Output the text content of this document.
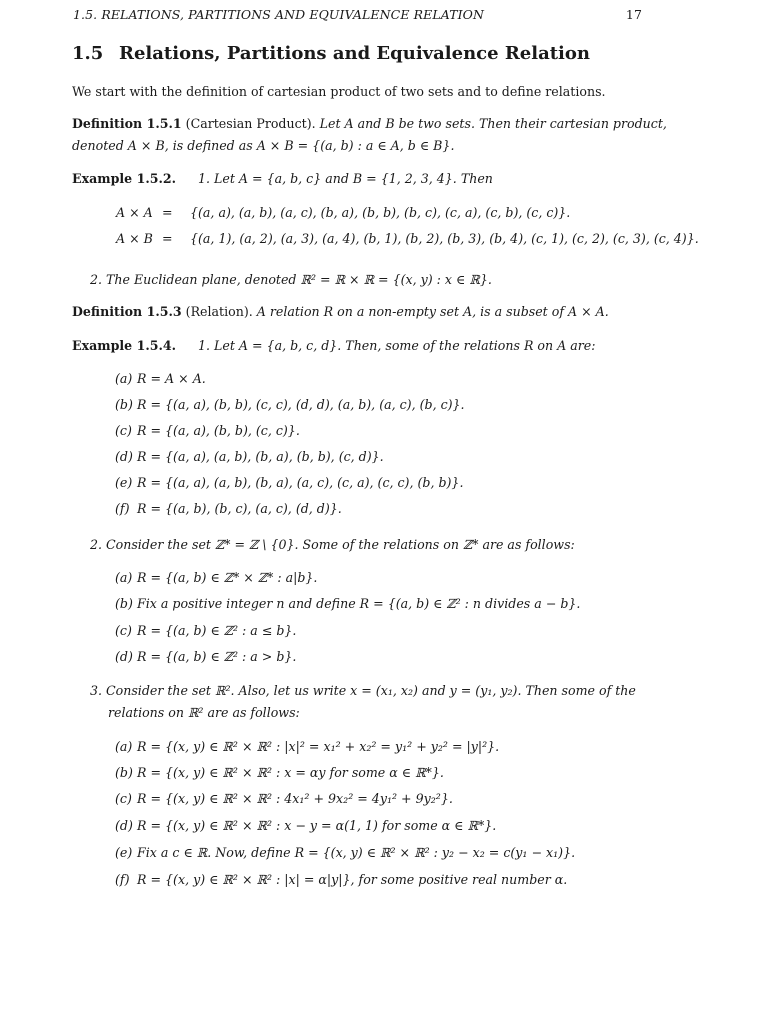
1.5. RELATIONS, PARTITIONS AND EQUIVALENCE RELATION	17
1.5 Relations, Partitions and Equivalence Relation
We start with the definition of cartesian product of two sets and to define relations.
Definition 1.5.1 (Cartesian Product). Let A and B be two sets. Then their cartesian product,
denoted A × B, is defined as A × B = {(a, b) : a ∈ A, b ∈ B}.
Example 1.5.2. 1. Let A = {a, b, c} and B = {1, 2, 3, 4}. Then
A × A = {(a, a), (a, b), (a, c), (b, a), (b, b), (b, c), (c, a), (c, b), (c, c)}.
A × B = {(a, 1), (a, 2), (a, 3), (a, 4), (b, 1), (b, 2), (b, 3), (b, 4), (c, 1), (c, 2), (c, 3), (c, 4)}.
2. The Euclidean plane, denoted ℝ² = ℝ × ℝ = {(x, y) : x ∈ ℝ}.
Definition 1.5.3 (Relation). A relation R on a non-empty set A, is a subset of A × A.
Example 1.5.4. 1. Let A = {a, b, c, d}. Then, some of the relations R on A are:
(a) R = A × A.
(b) R = {(a, a), (b, b), (c, c), (d, d), (a, b), (a, c), (b, c)}.
(c) R = {(a, a), (b, b), (c, c)}.
(d) R = {(a, a), (a, b), (b, a), (b, b), (c, d)}.
(e) R = {(a, a), (a, b), (b, a), (a, c), (c, a), (c, c), (b, b)}.
(f) R = {(a, b), (b, c), (a, c), (d, d)}.
2. Consider the set ℤ* = ℤ \ {0}. Some of the relations on ℤ* are as follows:
(a) R = {(a, b) ∈ ℤ* × ℤ* : a|b}.
(b) Fix a positive integer n and define R = {(a, b) ∈ ℤ² : n divides a − b}.
(c) R = {(a, b) ∈ ℤ² : a ≤ b}.
(d) R = {(a, b) ∈ ℤ² : a > b}.
3. Consider the set ℝ². Also, let us write x = (x₁, x₂) and y = (y₁, y₂). Then some of the
relations on ℝ² are as follows:
(a) R = {(x, y) ∈ ℝ² × ℝ² : |x|² = x₁² + x₂² = y₁² + y₂² = |y|²}.
(b) R = {(x, y) ∈ ℝ² × ℝ² : x = αy for some α ∈ ℝ*}.
(c) R = {(x, y) ∈ ℝ² × ℝ² : 4x₁² + 9x₂² = 4y₁² + 9y₂²}.
(d) R = {(x, y) ∈ ℝ² × ℝ² : x − y = α(1, 1) for some α ∈ ℝ*}.
(e) Fix a c ∈ ℝ. Now, define R = {(x, y) ∈ ℝ² × ℝ² : y₂ − x₂ = c(y₁ − x₁)}.
(f) R = {(x, y) ∈ ℝ² × ℝ² : |x| = α|y|}, for some positive real number α.
